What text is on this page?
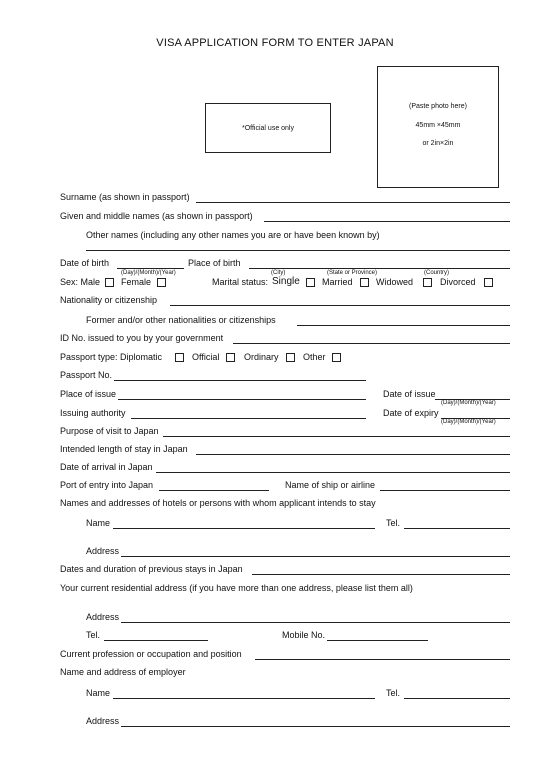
VISA APPLICATION FORM TO ENTER JAPAN
*Official use only
(Paste photo here)
45mm ×45mm
or 2in×2in
Surname (as shown in passport)
Given and middle names (as shown in passport)
Other names (including any other names you are or have been known by)
Date of birth
(Day)/(Month)/(Year)
Place of birth
(City)	(State or Province)	(Country)
Sex: Male Female	Marital status: Single Married	Widowed	Divorced
Nationality or citizenship
Former and/or other nationalities or citizenships
ID No. issued to you by your government
Passport type: Diplomatic	Official	Ordinary	Other
Passport No.
Place of issue	Date of issue
(Day)/(Month)/(Year)
Issuing authority	Date of expiry
(Day)/(Month)/(Year)
Purpose of visit to Japan
Intended length of stay in Japan
Date of arrival in Japan
Port of entry into Japan	Name of ship or airline
Names and addresses of hotels or persons with whom applicant intends to stay
Name	Tel.
Address
Dates and duration of previous stays in Japan
Your current residential address (if you have more than one address, please list them all)
Address
Tel.	Mobile No.
Current profession or occupation and position
Name and address of employer
Name	Tel.
Address
